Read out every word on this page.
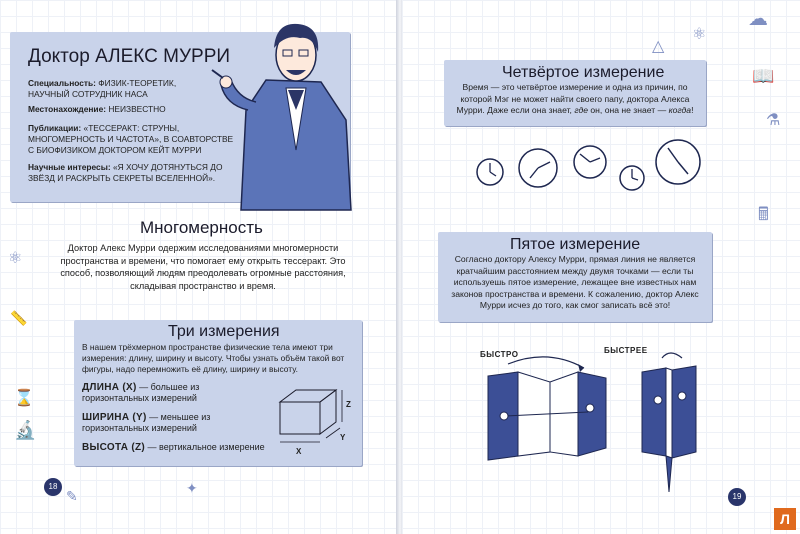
Доктор АЛЕКС МУРРИ
Специальность: ФИЗИК-ТЕОРЕТИК, НАУЧНЫЙ СОТРУДНИК НАСА
Местонахождение: НЕИЗВЕСТНО
Публикации: «ТЕССЕРАКТ: СТРУНЫ, МНОГОМЕРНОСТЬ И ЧАСТОТА», В СОАВТОРСТВЕ С БИОФИЗИКОМ ДОКТОРОМ КЕЙТ МУРРИ
Научные интересы: «Я ХОЧУ ДОТЯНУТЬСЯ ДО ЗВЁЗД И РАСКРЫТЬ СЕКРЕТЫ ВСЕЛЕННОЙ».
Многомерность
Доктор Алекс Мурри одержим исследованиями многомерности пространства и времени, что помогает ему открыть тессеракт. Это способ, позволяющий людям преодолевать огромные расстояния, складывая пространство и время.
Три измерения
В нашем трёхмерном пространстве физические тела имеют три измерения: длину, ширину и высоту. Чтобы узнать объём такой вот фигуры, надо перемножить её длину, ширину и высоту.
ДЛИНА (X) — большее из горизонтальных измерений
ШИРИНА (Y) — меньшее из горизонтальных измерений
ВЫСОТА (Z) — вертикальное измерение	X
Y
Z
18
⚛
📏
⌛
🔬
✎	✦
Четвёртое измерение
Время — это четвёртое измерение и одна из причин, по которой Мэг не может найти своего папу, доктора Алекса Мурри. Даже если она знает, где он, она не знает — когда!
Пятое измерение
Согласно доктору Алексу Мурри, прямая линия не является кратчайшим расстоянием между двумя точками — если ты используешь пятое измерение, лежащее вне известных нам законов пространства и времени. К сожалению, доктор Алекс Мурри исчез до того, как смог записать всё это!
БЫСТРО	БЫСТРЕЕ
19
☁
⚛
📖
⚗
🖩
△
Л
